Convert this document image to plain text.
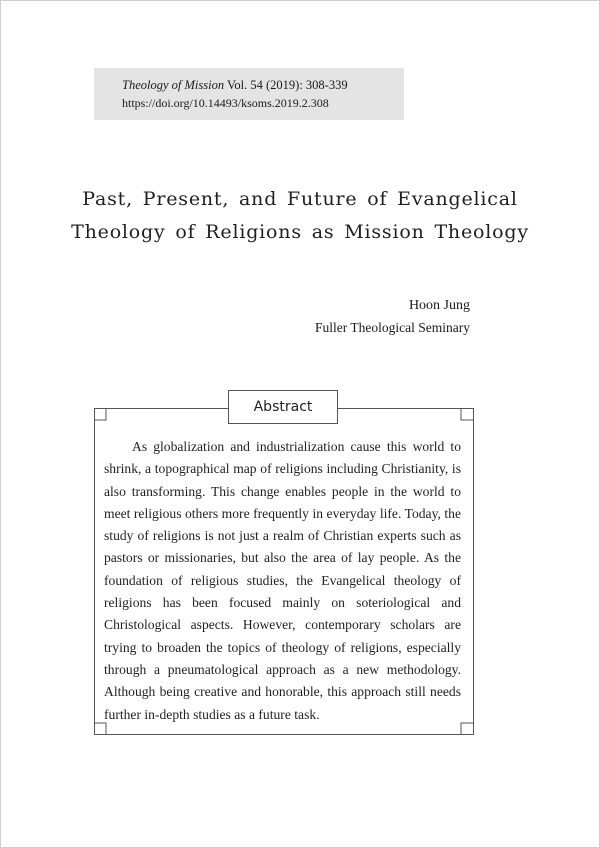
Theology of Mission Vol. 54 (2019): 308-339
https://doi.org/10.14493/ksoms.2019.2.308
Past, Present, and Future of Evangelical
Theology of Religions as Mission Theology
Hoon Jung
Fuller Theological Seminary
Abstract

As globalization and industrialization cause this world to shrink, a topographical map of religions including Christianity, is also transforming. This change enables people in the world to meet religious others more frequently in everyday life. Today, the study of religions is not just a realm of Christian experts such as pastors or missionaries, but also the area of lay people. As the foundation of religious studies, the Evangelical theology of religions has been focused mainly on soteriological and Christological aspects. However, contemporary scholars are trying to broaden the topics of theology of religions, especially through a pneumatological approach as a new methodology. Although being creative and honorable, this approach still needs further in-depth studies as a future task.
